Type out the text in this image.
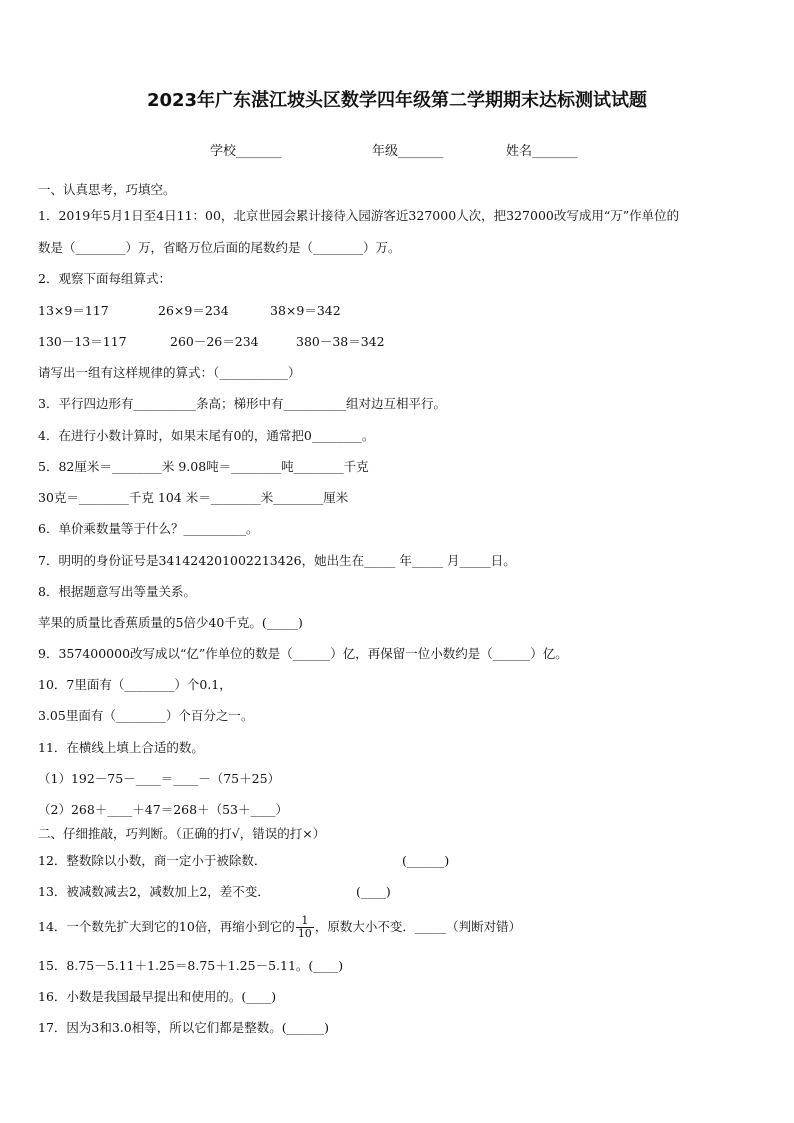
2023年广东湛江坡头区数学四年级第二学期期末达标测试试题
学校_______	年级_______	姓名_______
一、认真思考，巧填空。
1．2019年5月1日至4日11：00，北京世园会累计接待入园游客近327000人次，把327000改写成用“万”作单位的
数是（________）万，省略万位后面的尾数约是（________）万。
2．观察下面每组算式：
13×9＝117	26×9＝234	38×9＝342
130－13＝117	260－26＝234	380－38＝342
请写出一组有这样规律的算式：（___________）
3．平行四边形有__________条高；梯形中有__________组对边互相平行。
4．在进行小数计算时，如果末尾有0的，通常把0________。
5．82厘米＝________米 9.08吨＝________吨________千克
30克＝________千克 104 米＝________米________厘米
6．单价乘数量等于什么？__________。
7．明明的身份证号是341424201002213426，她出生在_____ 年_____ 月_____日。
8．根据题意写出等量关系。
苹果的质量比香蕉质量的5倍少40千克。(_____)
9．357400000改写成以“亿”作单位的数是（______）亿，再保留一位小数约是（______）亿。
10．7里面有（________）个0.1，
3.05里面有（________）个百分之一。
11．在横线上填上合适的数。
（1）192－75－____＝____－（75＋25）
（2）268＋____＋47＝268＋（53＋____）
二、仔细推敲，巧判断。（正确的打√，错误的打×）
12．整数除以小数，商一定小于被除数．	(______)
13．被减数减去2，减数加上2，差不变．	(____)
14．一个数先扩大到它的10倍，再缩小到它的 $\frac{1}{10}$ ，原数大小不变．_____（判断对错）
15．8.75－5.11＋1.25＝8.75＋1.25－5.11。(____)
16．小数是我国最早提出和使用的。(____)
17．因为3和3.0相等，所以它们都是整数。(______)
